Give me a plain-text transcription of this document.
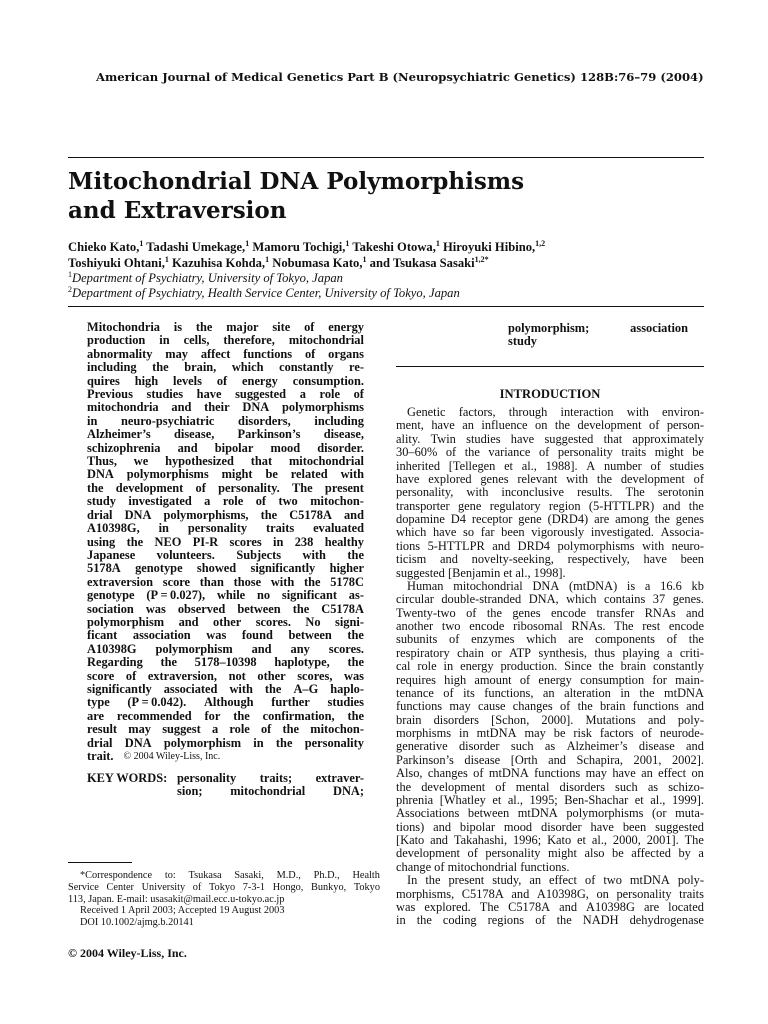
American Journal of Medical Genetics Part B (Neuropsychiatric Genetics) 128B:76–79 (2004)
Mitochondrial DNA Polymorphisms
and Extraversion
Chieko Kato,$^1$ Tadashi Umekage,$^1$ Mamoru Tochigi,$^1$ Takeshi Otowa,$^1$ Hiroyuki Hibino,$^{1,2}$
Toshiyuki Ohtani,$^1$ Kazuhisa Kohda,$^1$ Nobumasa Kato,$^1$ and Tsukasa Sasaki$^{1,2*}$
$^1$Department of Psychiatry, University of Tokyo, Japan
$^2$Department of Psychiatry, Health Service Center, University of Tokyo, Japan
Mitochondria is the major site of energy
production in cells, therefore, mitochondrial
abnormality may affect functions of organs
including the brain, which constantly re-
quires high levels of energy consumption.
Previous studies have suggested a role of
mitochondria and their DNA polymorphisms
in neuro-psychiatric disorders, including
Alzheimer’s disease, Parkinson’s disease,
schizophrenia and bipolar mood disorder.
Thus, we hypothesized that mitochondrial
DNA polymorphisms might be related with
the development of personality. The present
study investigated a role of two mitochon-
drial DNA polymorphisms, the C5178A and
A10398G, in personality traits evaluated
using the NEO PI-R scores in 238 healthy
Japanese volunteers. Subjects with the
5178A genotype showed significantly higher
extraversion score than those with the 5178C
genotype (P = 0.027), while no significant as-
sociation was observed between the C5178A
polymorphism and other scores. No signi-
ficant association was found between the
A10398G polymorphism and any scores.
Regarding the 5178–10398 haplotype, the
score of extraversion, not other scores, was
significantly associated with the A–G haplo-
type (P = 0.042). Although further studies
are recommended for the confirmation, the
result may suggest a role of the mitochon-
drial DNA polymorphism in the personality
trait. © 2004 Wiley-Liss, Inc.
KEY WORDS: personality traits; extraver-
sion; mitochondrial DNA;
polymorphism;	association
study
INTRODUCTION
Genetic factors, through interaction with environ-
ment, have an influence on the development of person-
ality. Twin studies have suggested that approximately
30–60% of the variance of personality traits might be
inherited [Tellegen et al., 1988]. A number of studies
have explored genes relevant with the development of
personality, with inconclusive results. The serotonin
transporter gene regulatory region (5-HTTLPR) and the
dopamine D4 receptor gene (DRD4) are among the genes
which have so far been vigorously investigated. Associa-
tions 5-HTTLPR and DRD4 polymorphisms with neuro-
ticism and novelty-seeking, respectively, have been
suggested [Benjamin et al., 1998].
Human mitochondrial DNA (mtDNA) is a 16.6 kb
circular double-stranded DNA, which contains 37 genes.
Twenty-two of the genes encode transfer RNAs and
another two encode ribosomal RNAs. The rest encode
subunits of enzymes which are components of the
respiratory chain or ATP synthesis, thus playing a criti-
cal role in energy production. Since the brain constantly
requires high amount of energy consumption for main-
tenance of its functions, an alteration in the mtDNA
functions may cause changes of the brain functions and
brain disorders [Schon, 2000]. Mutations and poly-
morphisms in mtDNA may be risk factors of neurode-
generative disorder such as Alzheimer’s disease and
Parkinson’s disease [Orth and Schapira, 2001, 2002].
Also, changes of mtDNA functions may have an effect on
the development of mental disorders such as schizo-
phrenia [Whatley et al., 1995; Ben-Shachar et al., 1999].
Associations between mtDNA polymorphisms (or muta-
tions) and bipolar mood disorder have been suggested
[Kato and Takahashi, 1996; Kato et al., 2000, 2001]. The
development of personality might also be affected by a
change of mitochondrial functions.
In the present study, an effect of two mtDNA poly-
morphisms, C5178A and A10398G, on personality traits
was explored. The C5178A and A10398G are located
in the coding regions of the NADH dehydrogenase
*Correspondence to: Tsukasa Sasaki, M.D., Ph.D., Health
Service Center University of Tokyo 7-3-1 Hongo, Bunkyo, Tokyo
113, Japan. E-mail: usasakit@mail.ecc.u-tokyo.ac.jp
Received 1 April 2003; Accepted 19 August 2003
DOI 10.1002/ajmg.b.20141
© 2004 Wiley-Liss, Inc.
